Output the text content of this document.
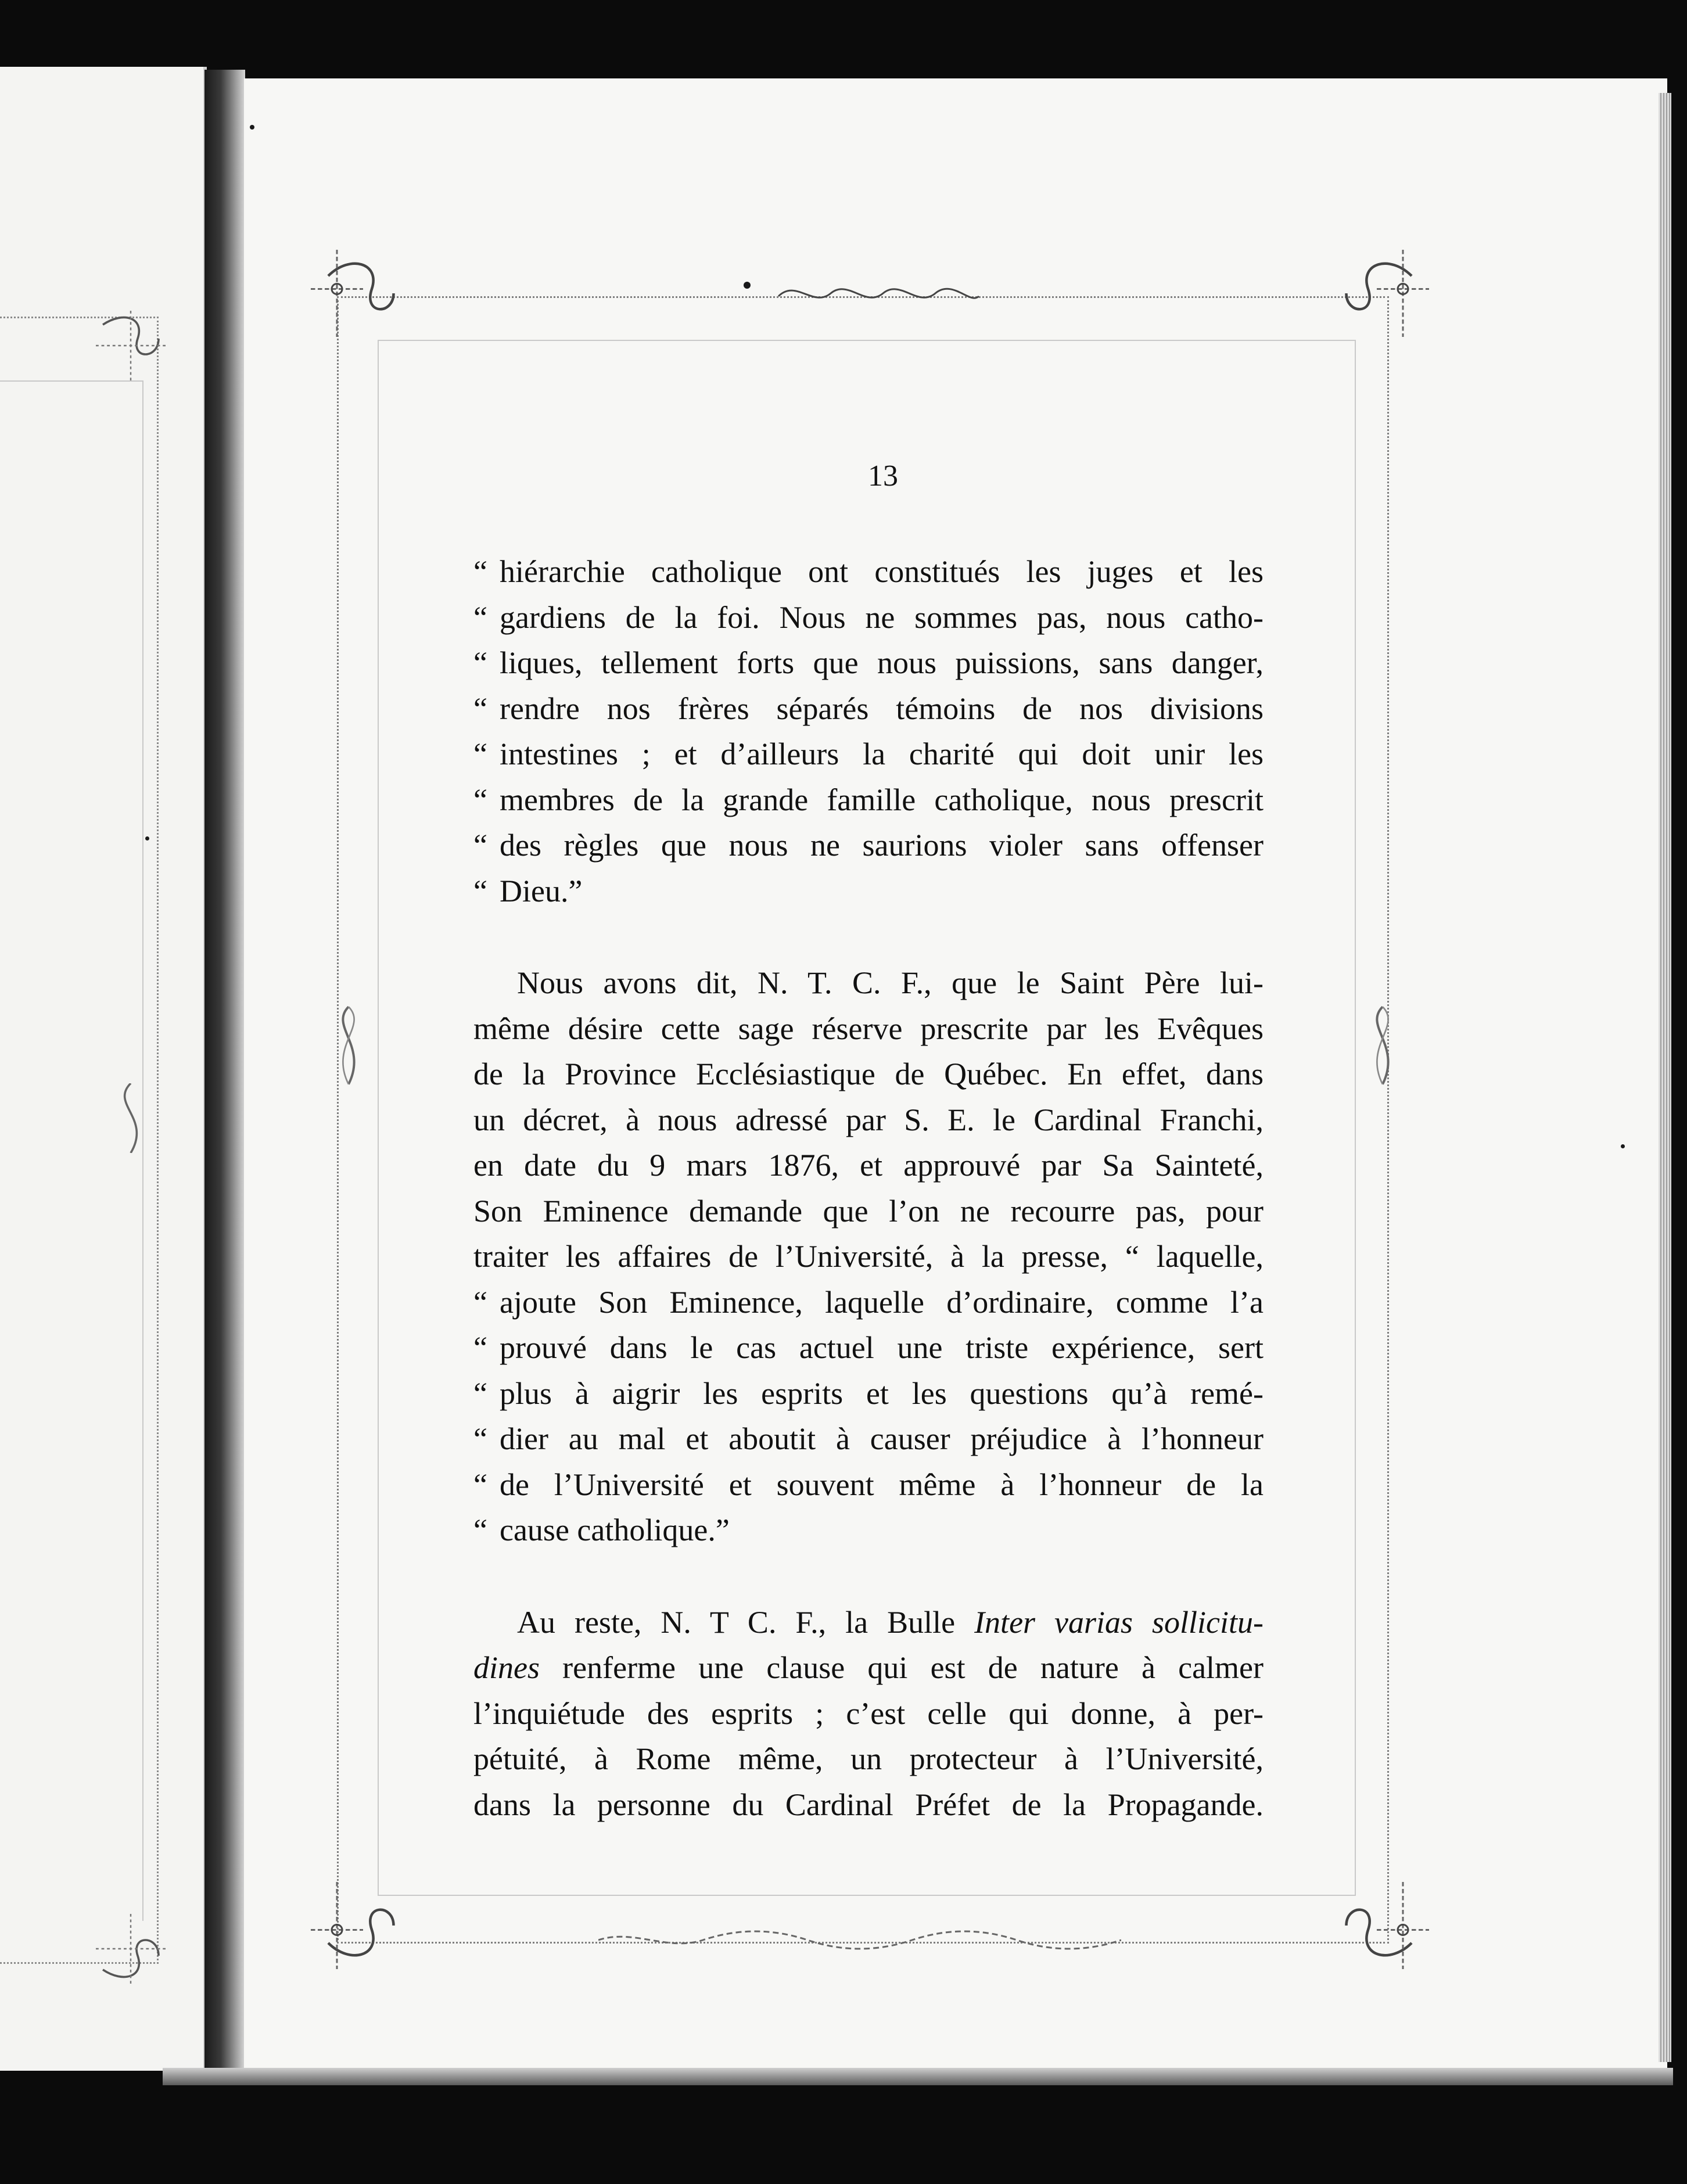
13
“ hiérarchie catholique ont constitués les juges et les
“ gardiens de la foi. Nous ne sommes pas, nous catho-
“ liques, tellement forts que nous puissions, sans danger,
“ rendre nos frères séparés témoins de nos divisions
“ intestines ; et d’ailleurs la charité qui doit unir les
“ membres de la grande famille catholique, nous prescrit
“ des règles que nous ne saurions violer sans offenser
“ Dieu.”
Nous avons dit, N. T. C. F., que le Saint Père lui-
même désire cette sage réserve prescrite par les Evêques
de la Province Ecclésiastique de Québec. En effet, dans
un décret, à nous adressé par S. E. le Cardinal Franchi,
en date du 9 mars 1876, et approuvé par Sa Sainteté,
Son Eminence demande que l’on ne recourre pas, pour
traiter les affaires de l’Université, à la presse, “ laquelle,
“ ajoute Son Eminence, laquelle d’ordinaire, comme l’a
“ prouvé dans le cas actuel une triste expérience, sert
“ plus à aigrir les esprits et les questions qu’à remé-
“ dier au mal et aboutit à causer préjudice à l’honneur
“ de l’Université et souvent même à l’honneur de la
“ cause catholique.”
Au reste, N. T C. F., la Bulle Inter varias sollicitu-
dines renferme une clause qui est de nature à calmer
l’inquiétude des esprits ; c’est celle qui donne, à per-
pétuité, à Rome même, un protecteur à l’Université,
dans la personne du Cardinal Préfet de la Propagande.
